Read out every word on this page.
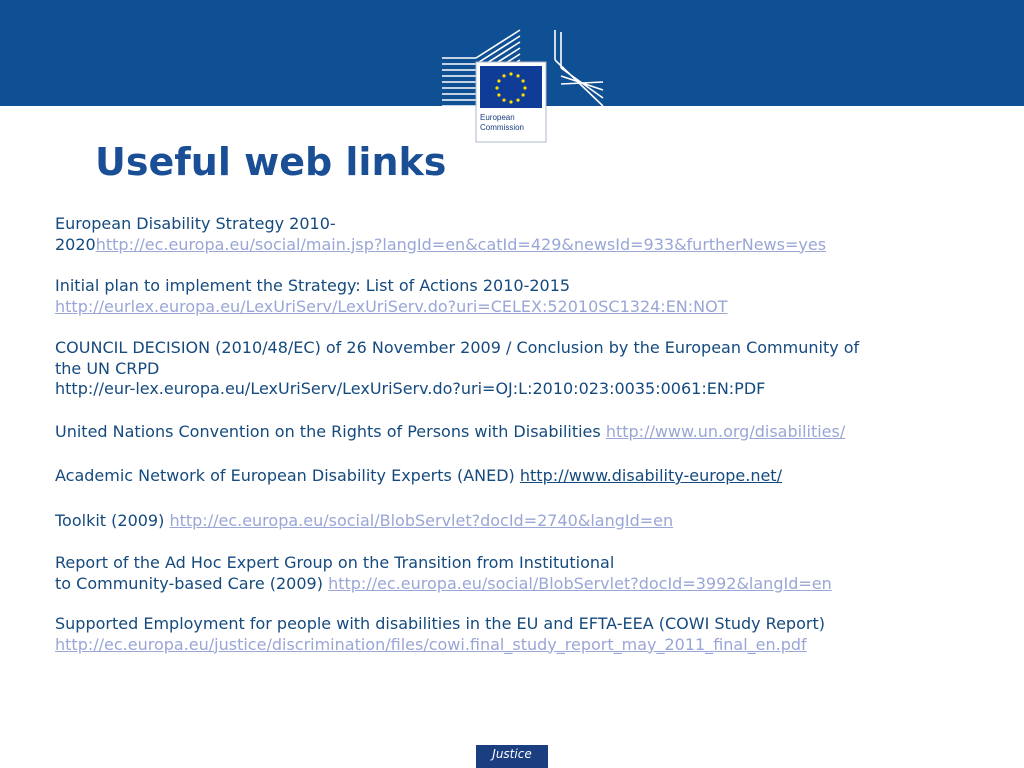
European
Commission
Useful web links

European Disability Strategy 2010-
2020http://ec.europa.eu/social/main.jsp?langId=en&catId=429&newsId=933&furtherNews=yes

Initial plan to implement the Strategy: List of Actions 2010-2015
http://eurlex.europa.eu/LexUriServ/LexUriServ.do?uri=CELEX:52010SC1324:EN:NOT

COUNCIL DECISION (2010/48/EC) of 26 November 2009 / Conclusion by the European Community of
the UN CRPD
http://eur-lex.europa.eu/LexUriServ/LexUriServ.do?uri=OJ:L:2010:023:0035:0061:EN:PDF

United Nations Convention on the Rights of Persons with Disabilities http://www.un.org/disabilities/

Academic Network of European Disability Experts (ANED) http://www.disability-europe.net/

Toolkit (2009) http://ec.europa.eu/social/BlobServlet?docId=2740&langId=en

Report of the Ad Hoc Expert Group on the Transition from Institutional
to Community-based Care (2009) http://ec.europa.eu/social/BlobServlet?docId=3992&langId=en

Supported Employment for people with disabilities in the EU and EFTA-EEA (COWI Study Report)
http://ec.europa.eu/justice/discrimination/files/cowi.final_study_report_may_2011_final_en.pdf

Justice
